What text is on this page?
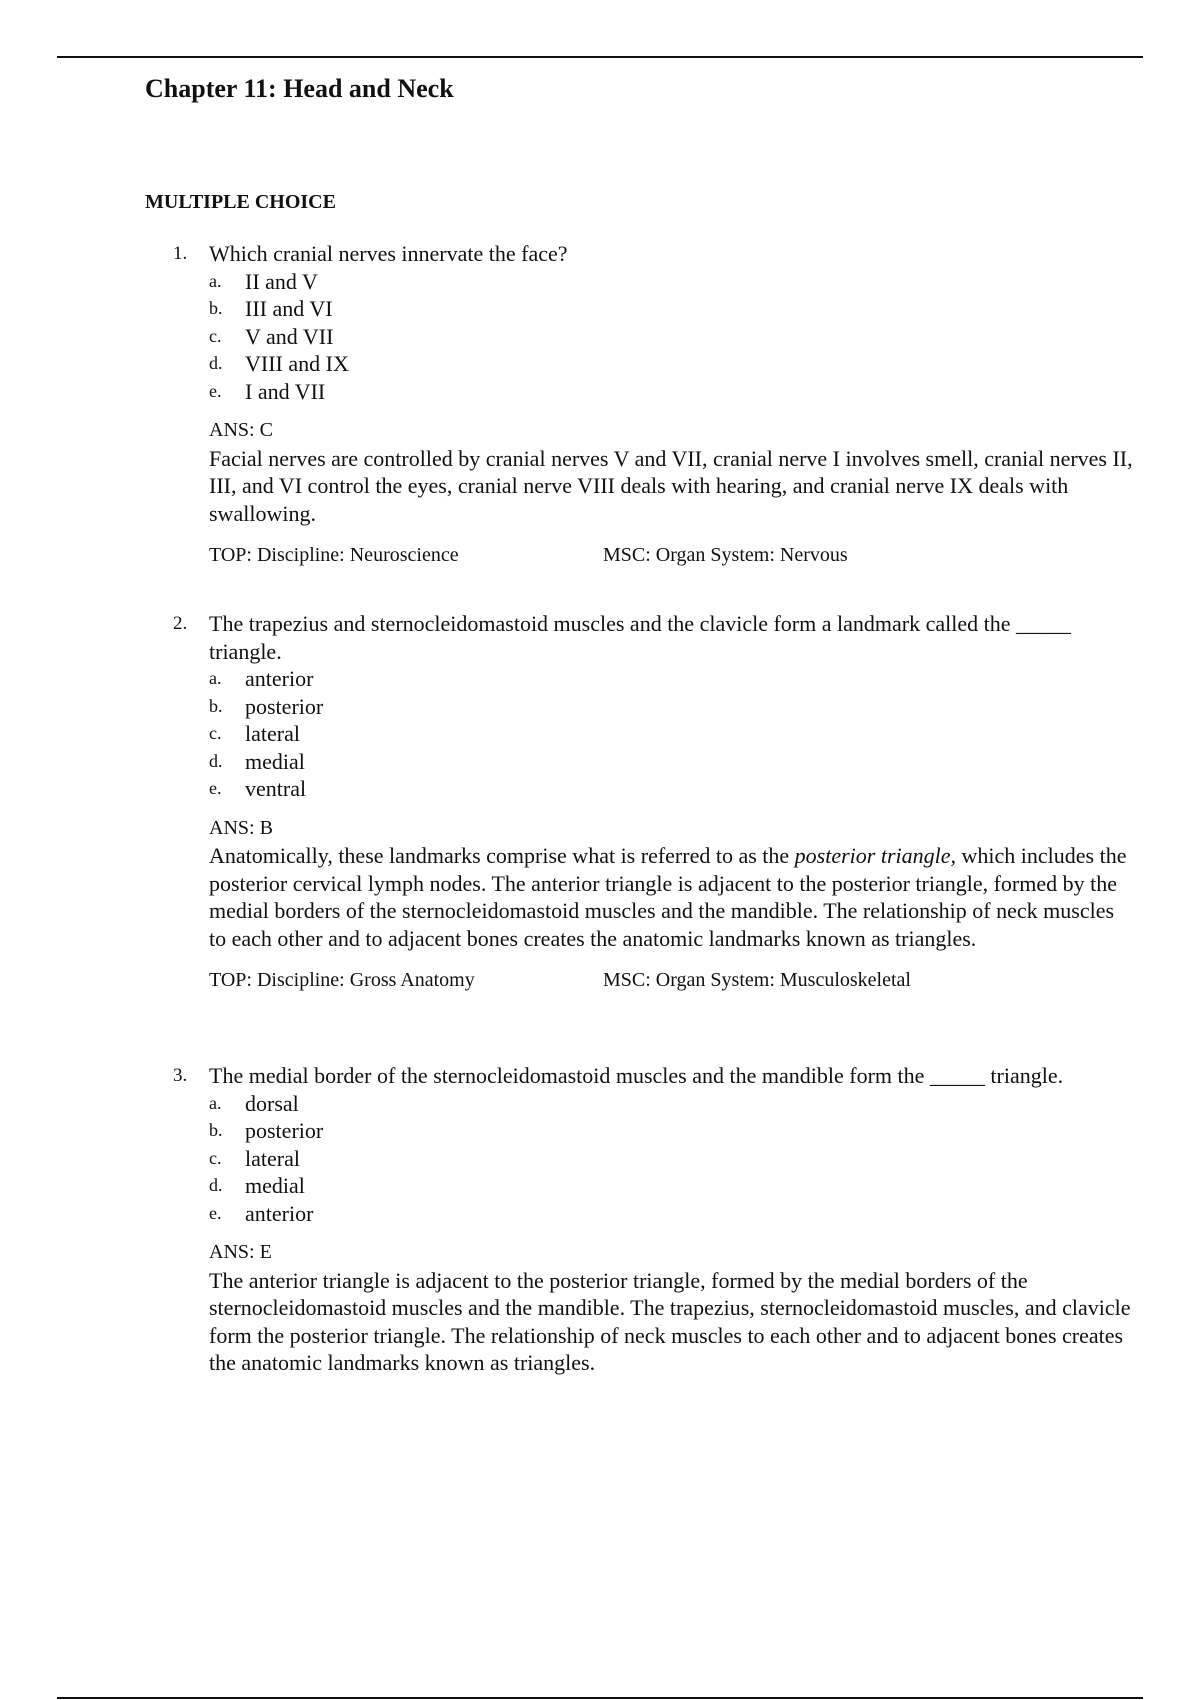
Chapter 11: Head and Neck
MULTIPLE CHOICE
1. Which cranial nerves innervate the face?
a. II and V
b. III and VI
c. V and VII
d. VIII and IX
e. I and VII
ANS: C
Facial nerves are controlled by cranial nerves V and VII, cranial nerve I involves smell, cranial nerves II, III, and VI control the eyes, cranial nerve VIII deals with hearing, and cranial nerve IX deals with swallowing.
TOP: Discipline: Neuroscience	MSC: Organ System: Nervous
2. The trapezius and sternocleidomastoid muscles and the clavicle form a landmark called the _____ triangle.
a. anterior
b. posterior
c. lateral
d. medial
e. ventral
ANS: B
Anatomically, these landmarks comprise what is referred to as the posterior triangle, which includes the posterior cervical lymph nodes. The anterior triangle is adjacent to the posterior triangle, formed by the medial borders of the sternocleidomastoid muscles and the mandible. The relationship of neck muscles to each other and to adjacent bones creates the anatomic landmarks known as triangles.
TOP: Discipline: Gross Anatomy	MSC: Organ System: Musculoskeletal
3. The medial border of the sternocleidomastoid muscles and the mandible form the _____ triangle.
a. dorsal
b. posterior
c. lateral
d. medial
e. anterior
ANS: E
The anterior triangle is adjacent to the posterior triangle, formed by the medial borders of the sternocleidomastoid muscles and the mandible. The trapezius, sternocleidomastoid muscles, and clavicle form the posterior triangle. The relationship of neck muscles to each other and to adjacent bones creates the anatomic landmarks known as triangles.
